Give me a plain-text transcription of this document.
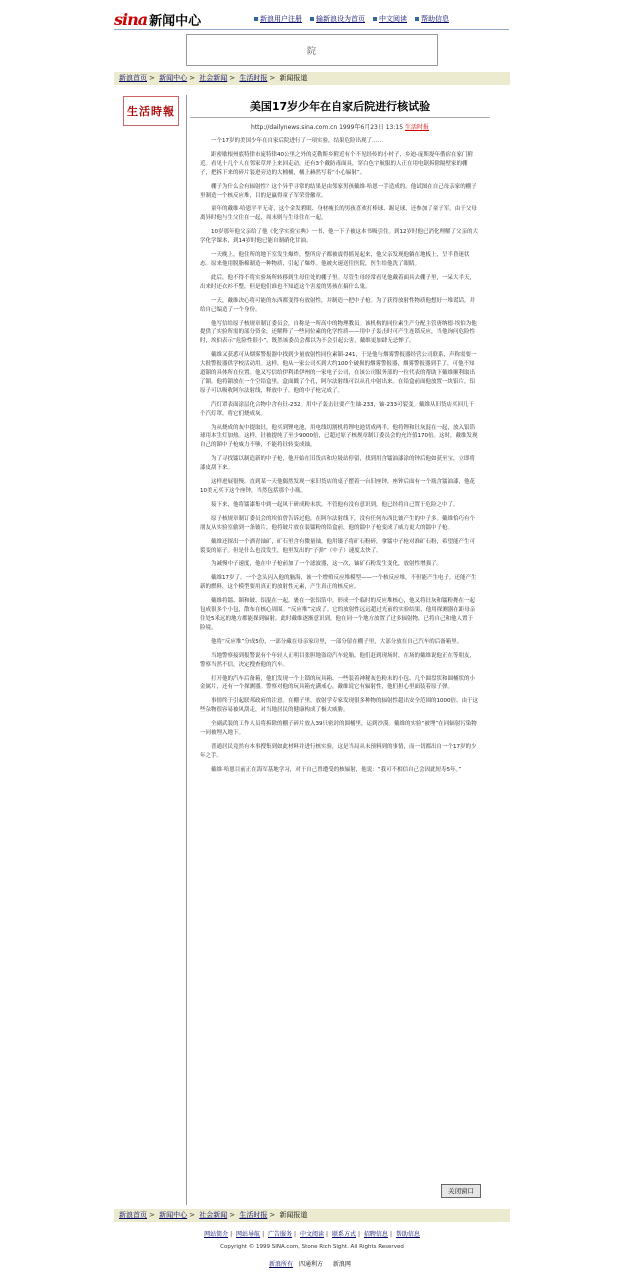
sina 新闻中心	新浪用户注册 输新浪设为首页 中文阅读 帮助信息
院
新浪首页 > 新闻中心 > 社会新闻 > 生活时报 > 新闻报道
生活時報	美国17岁少年在自家后院进行核试验
http://dailynews.sina.com.cn 1999年6月23日 13:15 生活时报

一个17岁的美国少年在自家后院进行了一项实验，结果危险出现了……

距密歇根州底特律市庞特律40公里之外的克勒斯乡附近有个不见经传的小村子，乡迪-庞斯堤年偕宿在家门附近。看见十几个人在邻家草坪上来回走动，还有3个戴防毒面具，穿白色宇航服的人正在用电锯拆除隔壁家的棚子，把拆下来的碎片装进旁边的大桶桶，桶上赫然写着“小心辐射”。

棚子为什么会有辐射性？这个异乎寻常的结果是由邻家男孩戴维·哈恩一手造成的。他试图在自己母亲家的棚子里制造一个核反应堆，目的是赢得童子军荣誉徽章。

童年的戴维·哈恩平平无奇，这个金发碧眼、身材瘦长的男孩喜欢打棒球、踢足球，还参加了童子军。由于父母离异时他与生父住在一起，周末则与生母住在一起。

10岁那年他父亲给了他《化学实验宝典》一书，他一下子被这本书吸引住。到12岁时他已消化理解了父亲的大学化学课本，到14岁时他已能自制硝化甘油。

一天晚上，他住所的地下室发生爆炸，整所房子都被震得摇晃起来，他父亲发现他躺在地板上，呈半昏迷状态。原来他用脱脂棉制造一种物质，引起了爆炸。他被火速送往医院，医生给他洗了眼睛。

此后，他不得不将实验场所转移到生母住处的棚子里。尽管生母经常看见他戴着面具去棚子里，一呆大半天，出来时还衣衫不整，但是他们谁也不知道这个害羞的男孩在搞什么鬼。

一天，戴维决心将可能的东西都变得有放射性，并制造一把中子枪。为了获得放射性物质他想好一堆谎话，并给自己编造了一个身份。

他写信给原子核规章制订委员会，自称是一所高中的物理教员。该机构的同位素生产分配主管唐纳德·埃伯为他提供了实验所需的部分资金，还解释了一些同位素的化学性质——用中子轰击时可产生连锁反应，当他询问危险性时，埃伯表示“危险性很小”。既然该委员会都以为不会引起公害，戴维更加肆无忌惮了。

戴维又获悉可从烟雾警报器中找到少量放射性同位素镅-241，于是他与烟雾警报器经营公司联系，声称需要一大批警报器供学校活动用。这样，他从一家公司买到大约100个破损的烟雾警报器，烟雾警报器到手了，可他不知道镅的具体所在位置。他又写信给伊利诺伊州的一家电子公司，在该公司服务部的一位代表的帮助下戴维顺利取出了镅。他将镅放在一个空铅盒里，盒面戳了个孔，阿尔法射线可以从孔中射出来。在铅盒前面他放置一块铝片，铝原子可以吸收阿尔法射线，释放中子。他的中子枪完成了。

汽灯罩表面涂层化合物中含有钍-232。用中子轰击钍要产生铀-233，铀-233可裂变。戴维从旧货店买回几千个汽灯罩，将它们烧成灰。

为从烧成的灰中提取钍，他买到锂电池，用电线切割机将锂电池切成两半，他将锂和钍灰混在一起，放入铝箔球用本生灯加热。这样，钍被提纯了至少9000倍，已超过原子核规章制订委员会的允许值170倍。这时，戴维发现自己的镅中子枪威力不够，不能将钍转变成铀。

为了寻找镭以制造新的中子枪，他开始在旧货店和垃圾站停留，找到用含镭油漆涂的钟后他如获至宝，立即将漆皮刮下来。

这样进展很慢，直到某一天他偶然发现一家旧货店的桌子摆着一台旧座钟，座钟后面有一个瓶含镭油漆，他花10美元买下这个座钟，当然包括那个小瓶。

接下来，他将镭漆集中到一起风干研成粉末状。不管他有没有意识到，他已经将自己置于危险之中了。

原子核规章制订委员会的埃伯曾告诉过他，在阿尔法射线下，没有任何东西比铍产生的中子多。戴维恰巧有个朋友从实验室偷到一条铍片，他将铍片放在装镭粉的铅盒前，他的镭中子枪变成了威力更大的镭中子枪。

戴维还探出一个洒青铀矿，矿石里含有微量铀，他用镊子将矿石粉碎，拿镭中子枪对准矿石粉，希望能产生可裂变的原子。但是什么也没发生，他里发出的“子弹”（中子）速度太快了。

为减慢中子速度，他在中子枪前加了一个滤波器，这一次，铀矿石粉发生变化，放射性增强了。

戴维17岁了。一个念头闪入他的脑海，该一个增殖反应堆模型——一个核反应堆，不但能产生电子，还能产生新的燃料，这个模型要用真正的放射性元素，产生真正的核反应。

戴维将镭、镅和铍、铝混在一起，裹在一张铝箔中，形成一个临时的反应堆核心，他又将钍灰和镭粉搀在一起包成很多个小包，散布在核心周围。“反应堆”完成了。它的放射性远远超过光前的实验结果，他用探测器在距母亲住处5米远的地方都能探到辐射。此时戴维逐渐意识到，他在同一个地方放置了过多辐射物，已将自己和他人置于险境。

他将“反应堆”分成5份，一部分藏在母亲家房里，一部分留在棚子里，大部分放在自己汽车的后备箱里。

当地警察接到报警说有个年轻人正明目张胆地盗窃汽车轮胎。他们赶到现场时，在场的戴维说他正在等朋友，警察当然不信，决定搜查他的汽车。

打开他的汽车后备箱，他们发现一个上锁的玩具箱、一些装着神秘灰色粉末的小包、几个圆盘状和圆桶状的小金属片，还有一个探测器。警察对他的玩具箱充满戒心，戴维说它有辐射性，他们担心里面装着原子弹。

事情终于引起联邦政府的注意。在棚子里，放射学专家发现很多种物的辐射性超出安全范围的1000倍。由于这些杂物很容易被风刮走，对当地居民的健康构成了极大威胁。

全副武装的工作人员将拆除的棚子碎片放入39只密封的圆桶里，运到沙漠。戴维的实验“被埋”在同辐射污染物一同被埋入地下。

普通居民竟然有本事搜集到如此材料并进行核实验，这是当局从未预料到的事情，而一切都出自一个17岁的少年之手。

戴维·哈恩目前正在海军基地学习，对于自己曾遭受的核辐射，他说：“我可不相信自己会因此短寿5年。”

关闭窗口
新浪首页 > 新闻中心 > 社会新闻 > 生活时报 > 新闻报道
网站简介 | 网站导航 | 广告服务 | 中文阅读 | 联系方式 | 招聘信息 | 帮助信息
Copyright © 1999 SINA.com, Stone Rich Sight. All Rights Reserved
新浪所有 四通利方 新浪网
